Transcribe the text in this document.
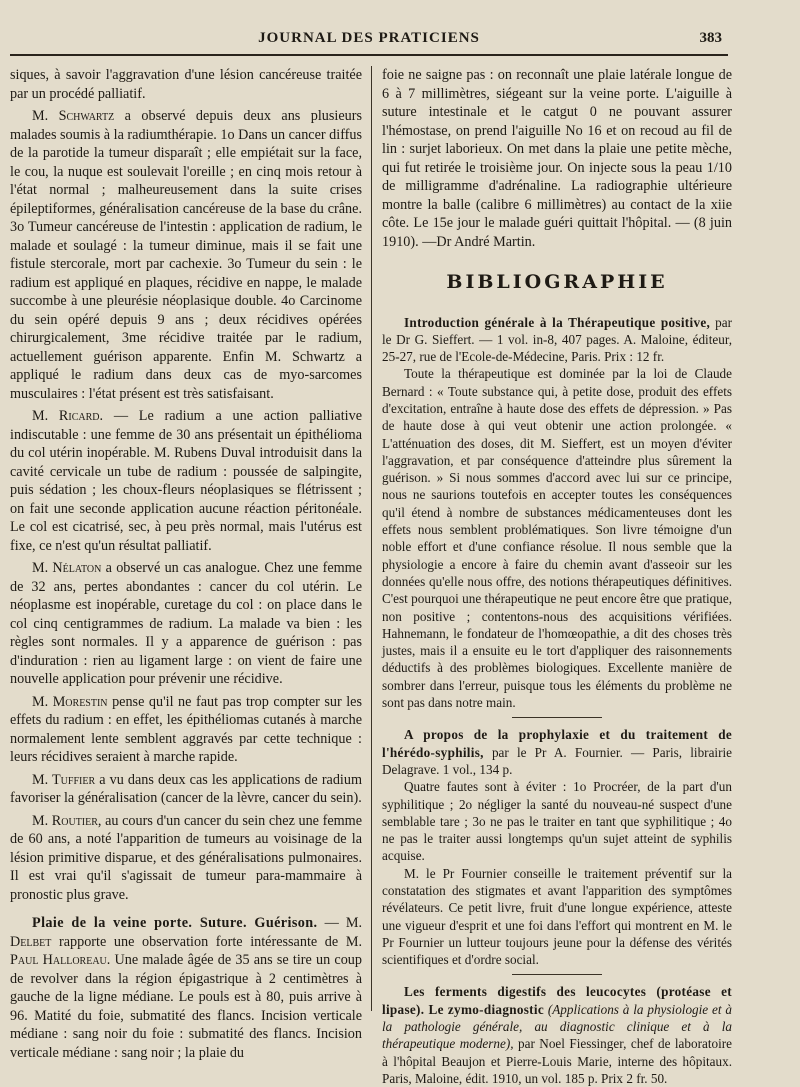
JOURNAL DES PRATICIENS	383

siques, à savoir l'aggravation d'une lésion cancéreuse traitée par un procédé palliatif.

M. Schwartz a observé depuis deux ans plusieurs malades soumis à la radiumthérapie. 1o Dans un cancer diffus de la parotide la tumeur disparaît ; elle empiétait sur la face, le cou, la nuque est soulevait l'oreille ; en cinq mois retour à l'état normal ; malheureusement dans la suite crises épileptiformes, généralisation cancéreuse de la base du crâne. 3o Tumeur cancéreuse de l'intestin : application de radium, le malade et soulagé : la tumeur diminue, mais il se fait une fistule stercorale, mort par cachexie. 3o Tumeur du sein : le radium est appliqué en plaques, récidive en nappe, le malade succombe à une pleurésie néoplasique double. 4o Carcinome du sein opéré depuis 9 ans ; deux récidives opérées chirurgicalement, 3me récidive traitée par le radium, actuellement guérison apparente. Enfin M. Schwartz a appliqué le radium dans deux cas de myo-sarcomes musculaires : l'état présent est très satisfaisant.

M. Ricard. — Le radium a une action palliative indiscutable : une femme de 30 ans présentait un épithélioma du col utérin inopérable. M. Rubens Duval introduisit dans la cavité cervicale un tube de radium : poussée de salpingite, puis sédation ; les choux-fleurs néoplasiques se flétrissent ; on fait une seconde application aucune réaction péritonéale. Le col est cicatrisé, sec, à peu près normal, mais l'utérus est fixe, ce n'est qu'un résultat palliatif.

M. Nélaton a observé un cas analogue. Chez une femme de 32 ans, pertes abondantes : cancer du col utérin. Le néoplasme est inopérable, curetage du col : on place dans le col cinq centigrammes de radium. La malade va bien : les règles sont normales. Il y a apparence de guérison : pas d'induration : rien au ligament large : on vient de faire une nouvelle application pour prévenir une récidive.

M. Morestin pense qu'il ne faut pas trop compter sur les effets du radium : en effet, les épithéliomas cutanés à marche normalement lente semblent aggravés par cette technique : leurs récidives seraient à marche rapide.

M. Tuffier a vu dans deux cas les applications de radium favoriser la généralisation (cancer de la lèvre, cancer du sein).

M. Routier, au cours d'un cancer du sein chez une femme de 60 ans, a noté l'apparition de tumeurs au voisinage de la lésion primitive disparue, et des généralisations pulmonaires. Il est vrai qu'il s'agissait de tumeur para-mammaire à pronostic plus grave.

Plaie de la veine porte. Suture. Guérison. — M. Delbet rapporte une observation forte intéressante de M. Paul Halloreau. Une malade âgée de 35 ans se tire un coup de revolver dans la région épigastrique à 2 centimètres à gauche de la ligne médiane. Le pouls est à 80, puis arrive à 96. Matité du foie, submatité des flancs. Incision verticale médiane : sang noir du foie : submatité des flancs. Incision verticale médiane : sang noir ; la plaie du

foie ne saigne pas : on reconnaît une plaie latérale longue de 6 à 7 millimètres, siégeant sur la veine porte. L'aiguille à suture intestinale et le catgut 0 ne pouvant assurer l'hémostase, on prend l'aiguille No 16 et on recoud au fil de lin : surjet laborieux. On met dans la plaie une petite mèche, qui fut retirée le troisième jour. On injecte sous la peau 1/10 de milligramme d'adrénaline. La radiographie ultérieure montre la balle (calibre 6 millimètres) au contact de la xiie côte. Le 15e jour le malade guéri quittait l'hôpital. — (8 juin 1910). —Dr André Martin.

BIBLIOGRAPHIE

Introduction générale à la Thérapeutique positive, par le Dr G. Sieffert. — 1 vol. in-8, 407 pages. A. Maloine, éditeur, 25-27, rue de l'Ecole-de-Médecine, Paris. Prix : 12 fr.

Toute la thérapeutique est dominée par la loi de Claude Bernard : « Toute substance qui, à petite dose, produit des effets d'excitation, entraîne à haute dose des effets de dépression. » Pas de haute dose à qui veut obtenir une action prolongée. « L'atténuation des doses, dit M. Sieffert, est un moyen d'éviter l'aggravation, et par conséquence d'atteindre plus sûrement la guérison. » Si nous sommes d'accord avec lui sur ce principe, nous ne saurions toutefois en accepter toutes les conséquences qu'il étend à nombre de substances médicamenteuses dont les effets nous semblent problématiques. Son livre témoigne d'un noble effort et d'une confiance résolue. Il nous semble que la physiologie a encore à faire du chemin avant d'asseoir sur les données qu'elle nous offre, des notions thérapeutiques définitives. C'est pourquoi une thérapeutique ne peut encore être que pratique, non positive ; contentons-nous des acquisitions vérifiées. Hahnemann, le fondateur de l'homœopathie, a dit des choses très justes, mais il a ensuite eu le tort d'appliquer des raisonnements déductifs à des problèmes biologiques. Excellente manière de sombrer dans l'erreur, puisque tous les éléments du problème ne sont pas dans notre main.

A propos de la prophylaxie et du traitement de l'hérédo-syphilis, par le Pr A. Fournier. — Paris, librairie Delagrave. 1 vol., 134 p.

Quatre fautes sont à éviter : 1o Procréer, de la part d'un syphilitique ; 2o négliger la santé du nouveau-né suspect d'une semblable tare ; 3o ne pas le traiter en tant que syphilitique ; 4o ne pas le traiter aussi longtemps qu'un sujet atteint de syphilis acquise.

M. le Pr Fournier conseille le traitement préventif sur la constatation des stigmates et avant l'apparition des symptômes révélateurs. Ce petit livre, fruit d'une longue expérience, atteste une vigueur d'esprit et une foi dans l'effort qui montrent en M. le Pr Fournier un lutteur toujours jeune pour la défense des vérités scientifiques et d'ordre social.

Les ferments digestifs des leucocytes (protéase et lipase). Le zymo-diagnostic (Applications à la physiologie et à la pathologie générale, au diagnostic clinique et à la thérapeutique moderne), par Noel Fiessinger, chef de laboratoire à l'hôpital Beaujon et Pierre-Louis Marie, interne des hôpitaux. Paris, Maloine, édit. 1910, un vol. 185 p. Prix 2 fr. 50.
